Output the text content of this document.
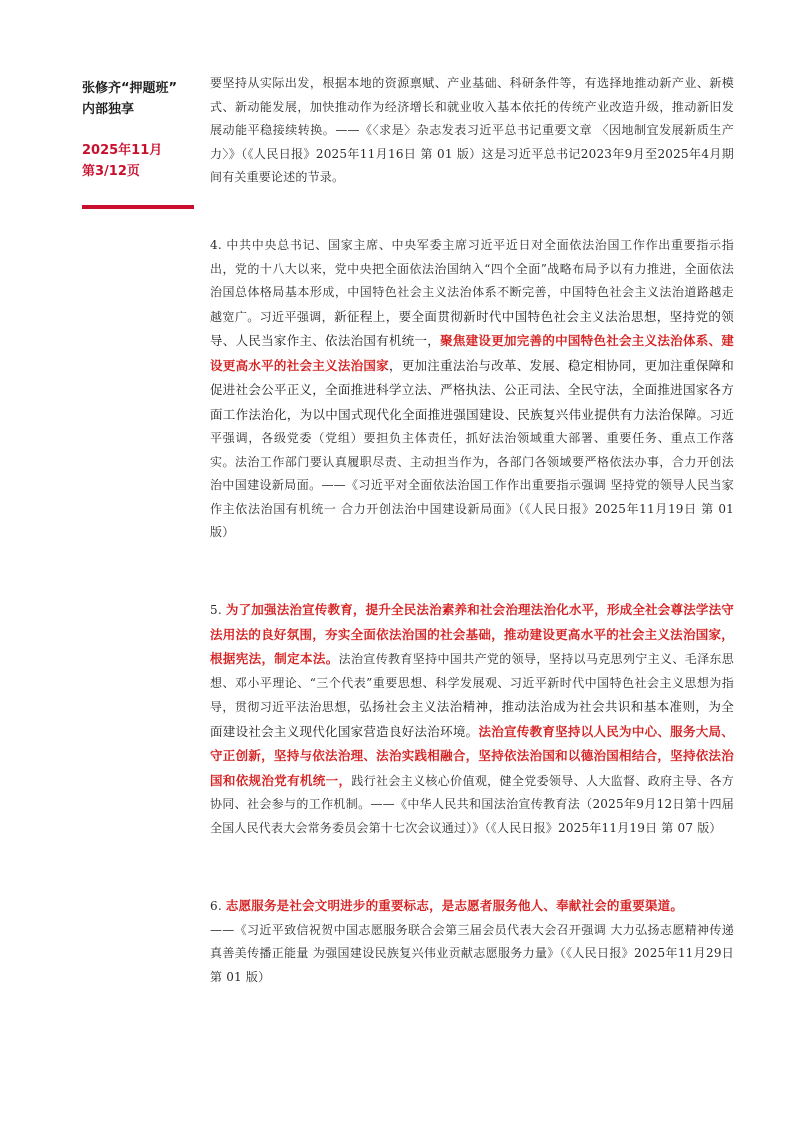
张修齐“押题班”
内部独享
2025年11月
第3/12页

要坚持从实际出发，根据本地的资源禀赋、产业基础、科研条件等，有选择地推动新产业、新模式、新动能发展，加快推动作为经济增长和就业收入基本依托的传统产业改造升级，推动新旧发展动能平稳接续转换。——《〈求是〉杂志发表习近平总书记重要文章 〈因地制宜发展新质生产力〉》（《人民日报》2025年11月16日 第 01 版）这是习近平总书记2023年9月至2025年4月期间有关重要论述的节录。

4. 中共中央总书记、国家主席、中央军委主席习近平近日对全面依法治国工作作出重要指示指出，党的十八大以来，党中央把全面依法治国纳入“四个全面”战略布局予以有力推进，全面依法治国总体格局基本形成，中国特色社会主义法治体系不断完善，中国特色社会主义法治道路越走越宽广。习近平强调，新征程上，要全面贯彻新时代中国特色社会主义法治思想，坚持党的领导、人民当家作主、依法治国有机统一，聚焦建设更加完善的中国特色社会主义法治体系、建设更高水平的社会主义法治国家，更加注重法治与改革、发展、稳定相协同，更加注重保障和促进社会公平正义，全面推进科学立法、严格执法、公正司法、全民守法，全面推进国家各方面工作法治化，为以中国式现代化全面推进强国建设、民族复兴伟业提供有力法治保障。习近平强调，各级党委（党组）要担负主体责任，抓好法治领域重大部署、重要任务、重点工作落实。法治工作部门要认真履职尽责、主动担当作为，各部门各领域要严格依法办事，合力开创法治中国建设新局面。——《习近平对全面依法治国工作作出重要指示强调 坚持党的领导人民当家作主依法治国有机统一 合力开创法治中国建设新局面》（《人民日报》2025年11月19日 第 01 版）

5. 为了加强法治宣传教育，提升全民法治素养和社会治理法治化水平，形成全社会尊法学法守法用法的良好氛围，夯实全面依法治国的社会基础，推动建设更高水平的社会主义法治国家，根据宪法，制定本法。法治宣传教育坚持中国共产党的领导，坚持以马克思列宁主义、毛泽东思想、邓小平理论、“三个代表”重要思想、科学发展观、习近平新时代中国特色社会主义思想为指导，贯彻习近平法治思想，弘扬社会主义法治精神，推动法治成为社会共识和基本准则，为全面建设社会主义现代化国家营造良好法治环境。法治宣传教育坚持以人民为中心、服务大局、守正创新，坚持与依法治理、法治实践相融合，坚持依法治国和以德治国相结合，坚持依法治国和依规治党有机统一，践行社会主义核心价值观，健全党委领导、人大监督、政府主导、各方协同、社会参与的工作机制。——《中华人民共和国法治宣传教育法（2025年9月12日第十四届全国人民代表大会常务委员会第十七次会议通过）》（《人民日报》2025年11月19日 第 07 版）

6. 志愿服务是社会文明进步的重要标志，是志愿者服务他人、奉献社会的重要渠道。
——《习近平致信祝贺中国志愿服务联合会第三届会员代表大会召开强调 大力弘扬志愿精神传递真善美传播正能量 为强国建设民族复兴伟业贡献志愿服务力量》（《人民日报》2025年11月29日 第 01 版）
